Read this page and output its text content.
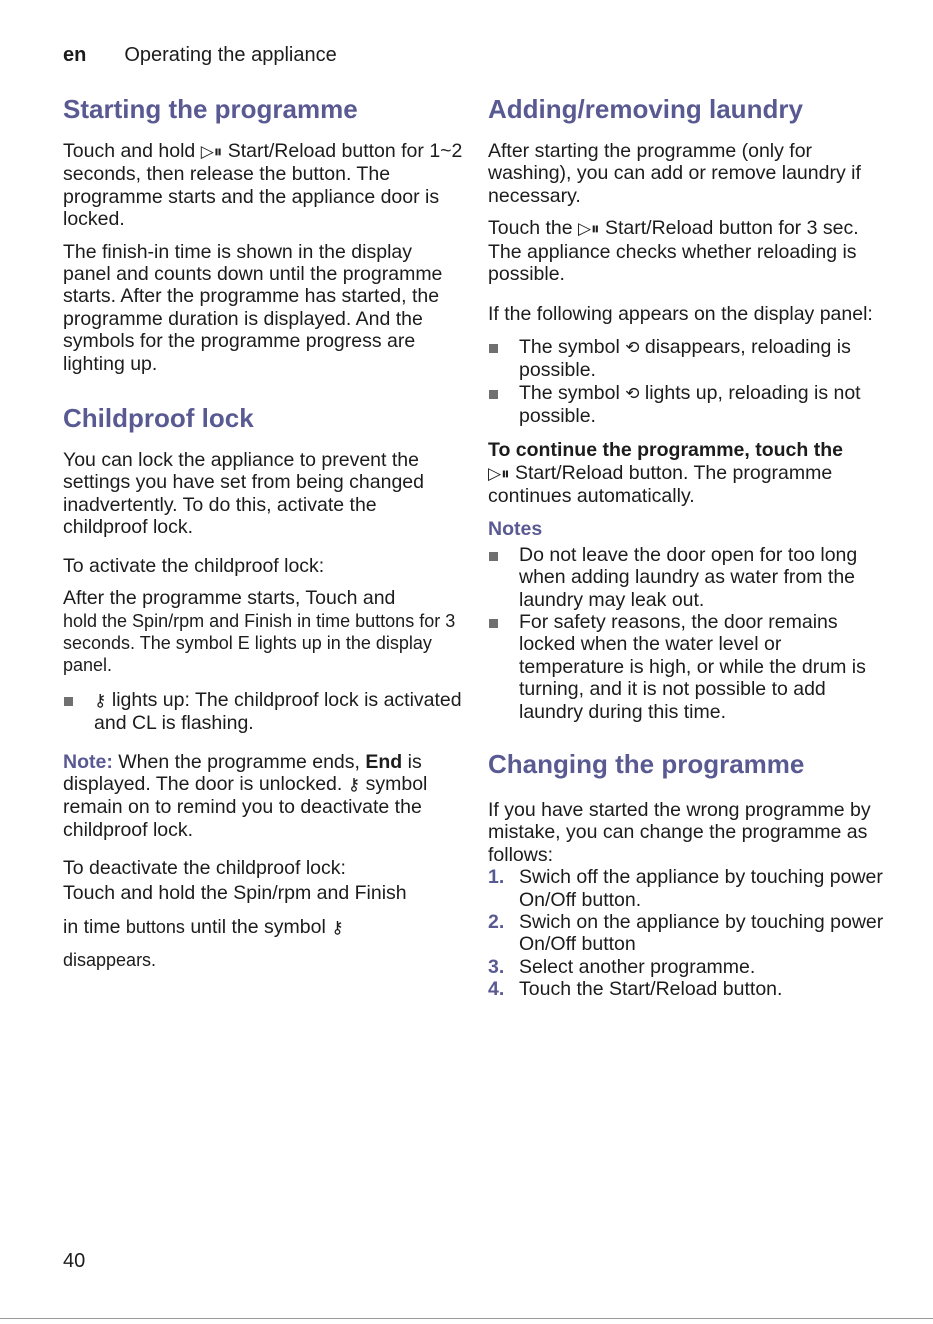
en Operating the appliance
Starting the programme

Touch and hold ▷⏸ Start/Reload button for 1~2 seconds, then release the button. The programme starts and the appliance door is locked.

The finish-in time is shown in the display panel and counts down until the programme starts. After the programme has started, the programme duration is displayed. And the symbols for the programme progress are lighting up.

Childproof lock

You can lock the appliance to prevent the settings you have set from being changed inadvertently. To do this, activate the childproof lock.

To activate the childproof lock:

After the programme starts, Touch and
hold the Spin/rpm and Finish in time buttons for 3 seconds. The symbol E lights up in the display panel.

⚷ lights up: The childproof lock is activated and CL is flashing.

Note: When the programme ends, End is displayed. The door is unlocked. ⚷ symbol remain on to remind you to deactivate the childproof lock.

To deactivate the childproof lock:

Touch and hold the Spin/rpm and Finish

in time buttons until the symbol ⚷

disappears.

Adding/removing laundry

After starting the programme (only for washing), you can add or remove laundry if necessary.

Touch the ▷⏸ Start/Reload button for 3 sec. The appliance checks whether reloading is possible.

If the following appears on the display panel:

The symbol ⟲ disappears, reloading is possible.
The symbol ⟲ lights up, reloading is not possible.

To continue the programme, touch the
▷⏸ Start/Reload button. The programme continues automatically.

Notes
Do not leave the door open for too long when adding laundry as water from the laundry may leak out.
For safety reasons, the door remains locked when the water level or temperature is high, or while the drum is turning, and it is not possible to add laundry during this time.
Changing the programme

If you have started the wrong programme by mistake, you can change the programme as follows:

1. Swich off the appliance by touching power On/Off button.
2. Swich on the appliance by touching power On/Off button
3. Select another programme.
4. Touch the Start/Reload button.
40
